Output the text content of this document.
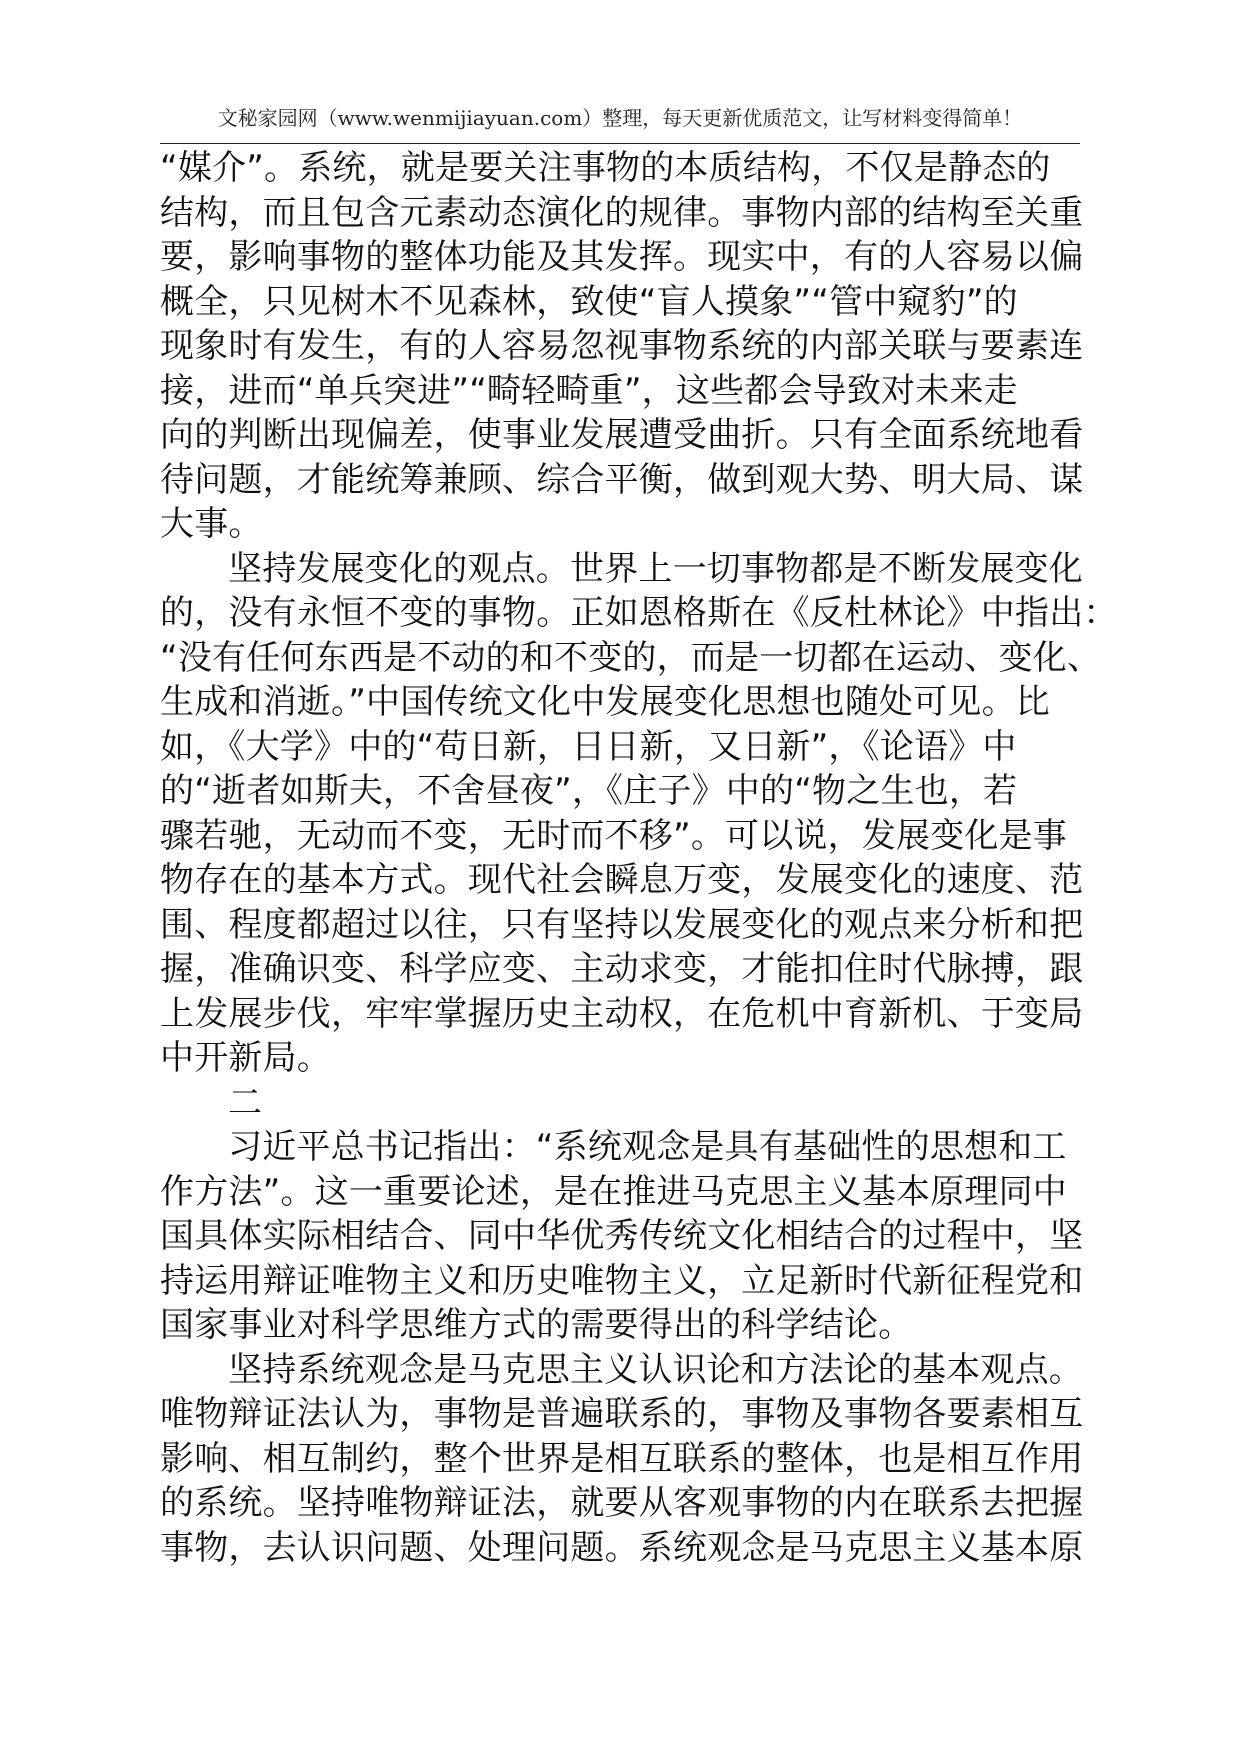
文秘家园网（www.wenmijiayuan.com）整理，每天更新优质范文，让写材料变得简单！
“媒介”。系统，就是要关注事物的本质结构，不仅是静态的
结构，而且包含元素动态演化的规律。事物内部的结构至关重
要，影响事物的整体功能及其发挥。现实中，有的人容易以偏
概全，只见树木不见森林，致使“盲人摸象”“管中窥豹”的
现象时有发生，有的人容易忽视事物系统的内部关联与要素连
接，进而“单兵突进”“畸轻畸重”，这些都会导致对未来走
向的判断出现偏差，使事业发展遭受曲折。只有全面系统地看
待问题，才能统筹兼顾、综合平衡，做到观大势、明大局、谋
大事。
坚持发展变化的观点。世界上一切事物都是不断发展变化
的，没有永恒不变的事物。正如恩格斯在《反杜林论》中指出：
“没有任何东西是不动的和不变的，而是一切都在运动、变化、
生成和消逝。”中国传统文化中发展变化思想也随处可见。比
如，《大学》中的“苟日新，日日新，又日新”，《论语》中
的“逝者如斯夫，不舍昼夜”，《庄子》中的“物之生也，若
骤若驰，无动而不变，无时而不移”。可以说，发展变化是事
物存在的基本方式。现代社会瞬息万变，发展变化的速度、范
围、程度都超过以往，只有坚持以发展变化的观点来分析和把
握，准确识变、科学应变、主动求变，才能扣住时代脉搏，跟
上发展步伐，牢牢掌握历史主动权，在危机中育新机、于变局
中开新局。
二
习近平总书记指出：“系统观念是具有基础性的思想和工
作方法”。这一重要论述，是在推进马克思主义基本原理同中
国具体实际相结合、同中华优秀传统文化相结合的过程中，坚
持运用辩证唯物主义和历史唯物主义，立足新时代新征程党和
国家事业对科学思维方式的需要得出的科学结论。
坚持系统观念是马克思主义认识论和方法论的基本观点。
唯物辩证法认为，事物是普遍联系的，事物及事物各要素相互
影响、相互制约，整个世界是相互联系的整体，也是相互作用
的系统。坚持唯物辩证法，就要从客观事物的内在联系去把握
事物，去认识问题、处理问题。系统观念是马克思主义基本原
